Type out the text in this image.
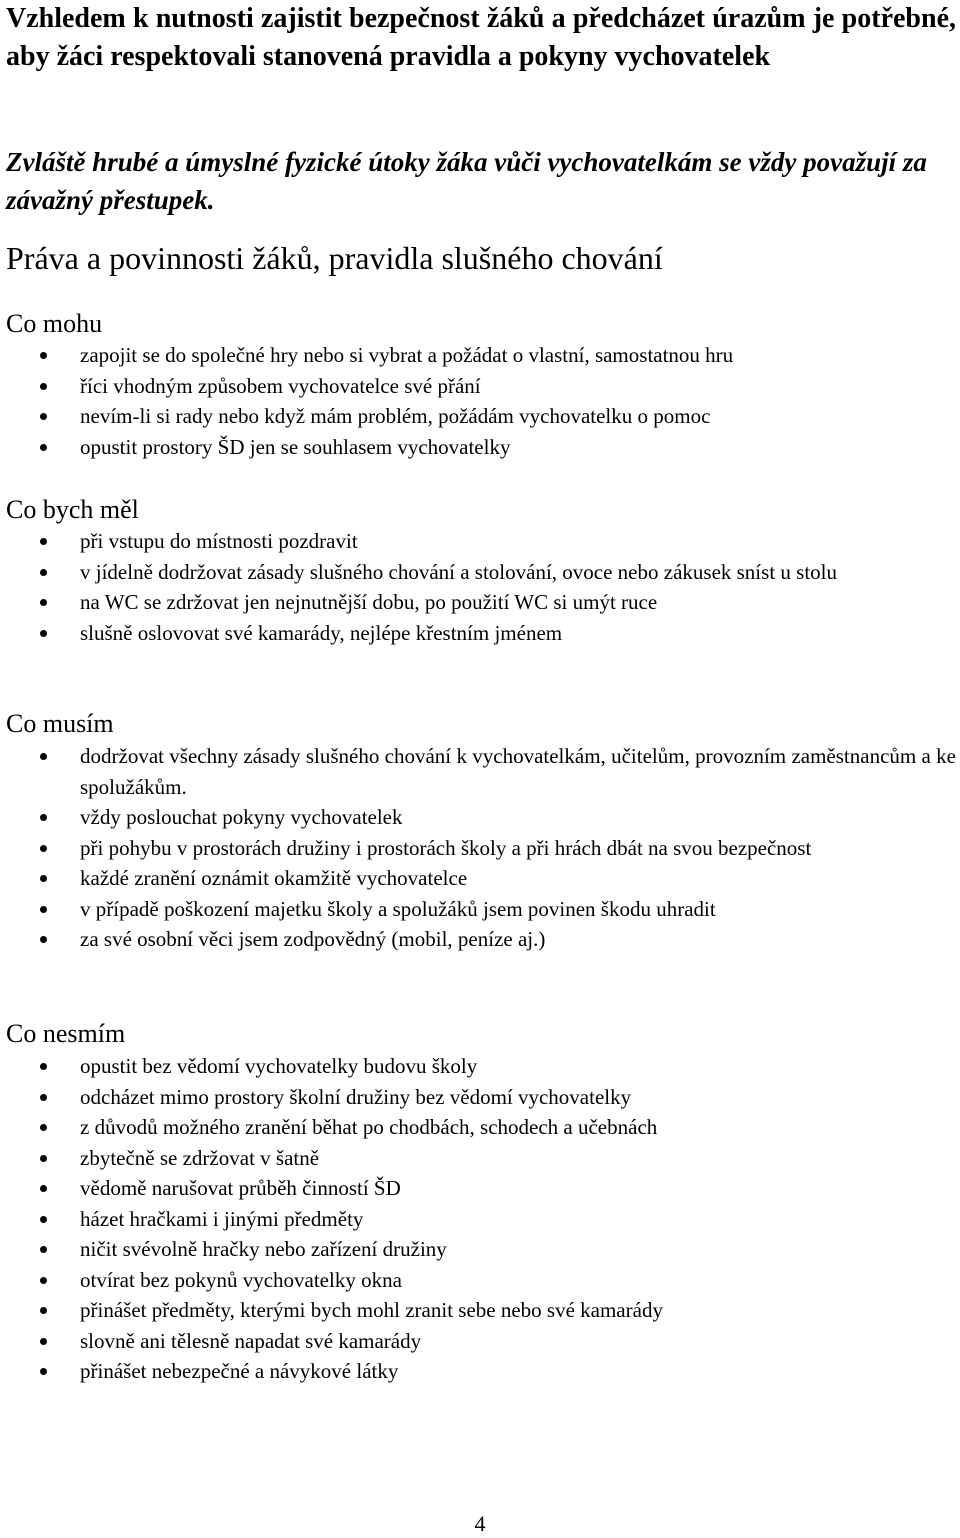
Vzhledem k nutnosti zajistit bezpečnost žáků a předcházet úrazům je potřebné, aby žáci respektovali stanovená pravidla a pokyny vychovatelek
Zvláště hrubé a úmyslné fyzické útoky žáka vůči vychovatelkám se vždy považují za závažný přestupek.
Práva a povinnosti žáků, pravidla slušného chování
Co mohu
zapojit se do společné hry nebo si vybrat a požádat o vlastní, samostatnou hru
říci vhodným způsobem vychovatelce své přání
nevím-li si rady nebo když mám problém, požádám vychovatelku o pomoc
opustit prostory ŠD jen se souhlasem vychovatelky
Co bych měl
při vstupu do místnosti pozdravit
v jídelně dodržovat zásady slušného chování a stolování, ovoce nebo zákusek sníst u stolu
na WC se zdržovat jen nejnutnější dobu, po použití WC si umýt ruce
slušně oslovovat své kamarády, nejlépe křestním jménem
Co musím
dodržovat všechny zásady slušného chování k vychovatelkám, učitelům, provozním zaměstnancům a ke spolužákům.
vždy poslouchat pokyny vychovatelek
při pohybu v prostorách družiny i prostorách školy a při hrách dbát na svou bezpečnost
každé zranění oznámit okamžitě vychovatelce
v případě poškození majetku školy a spolužáků jsem povinen škodu uhradit
za své osobní věci jsem zodpovědný (mobil, peníze aj.)
Co nesmím
opustit bez vědomí vychovatelky budovu školy
odcházet mimo prostory školní družiny bez vědomí vychovatelky
z důvodů možného zranění běhat po chodbách, schodech a učebnách
zbytečně se zdržovat v šatně
vědomě narušovat průběh činností ŠD
házet hračkami i jinými předměty
ničit svévolně hračky nebo zařízení družiny
otvírat bez pokynů vychovatelky okna
přinášet předměty, kterými bych mohl zranit sebe nebo své kamarády
slovně ani tělesně napadat své kamarády
přinášet nebezpečné a návykové látky
4
